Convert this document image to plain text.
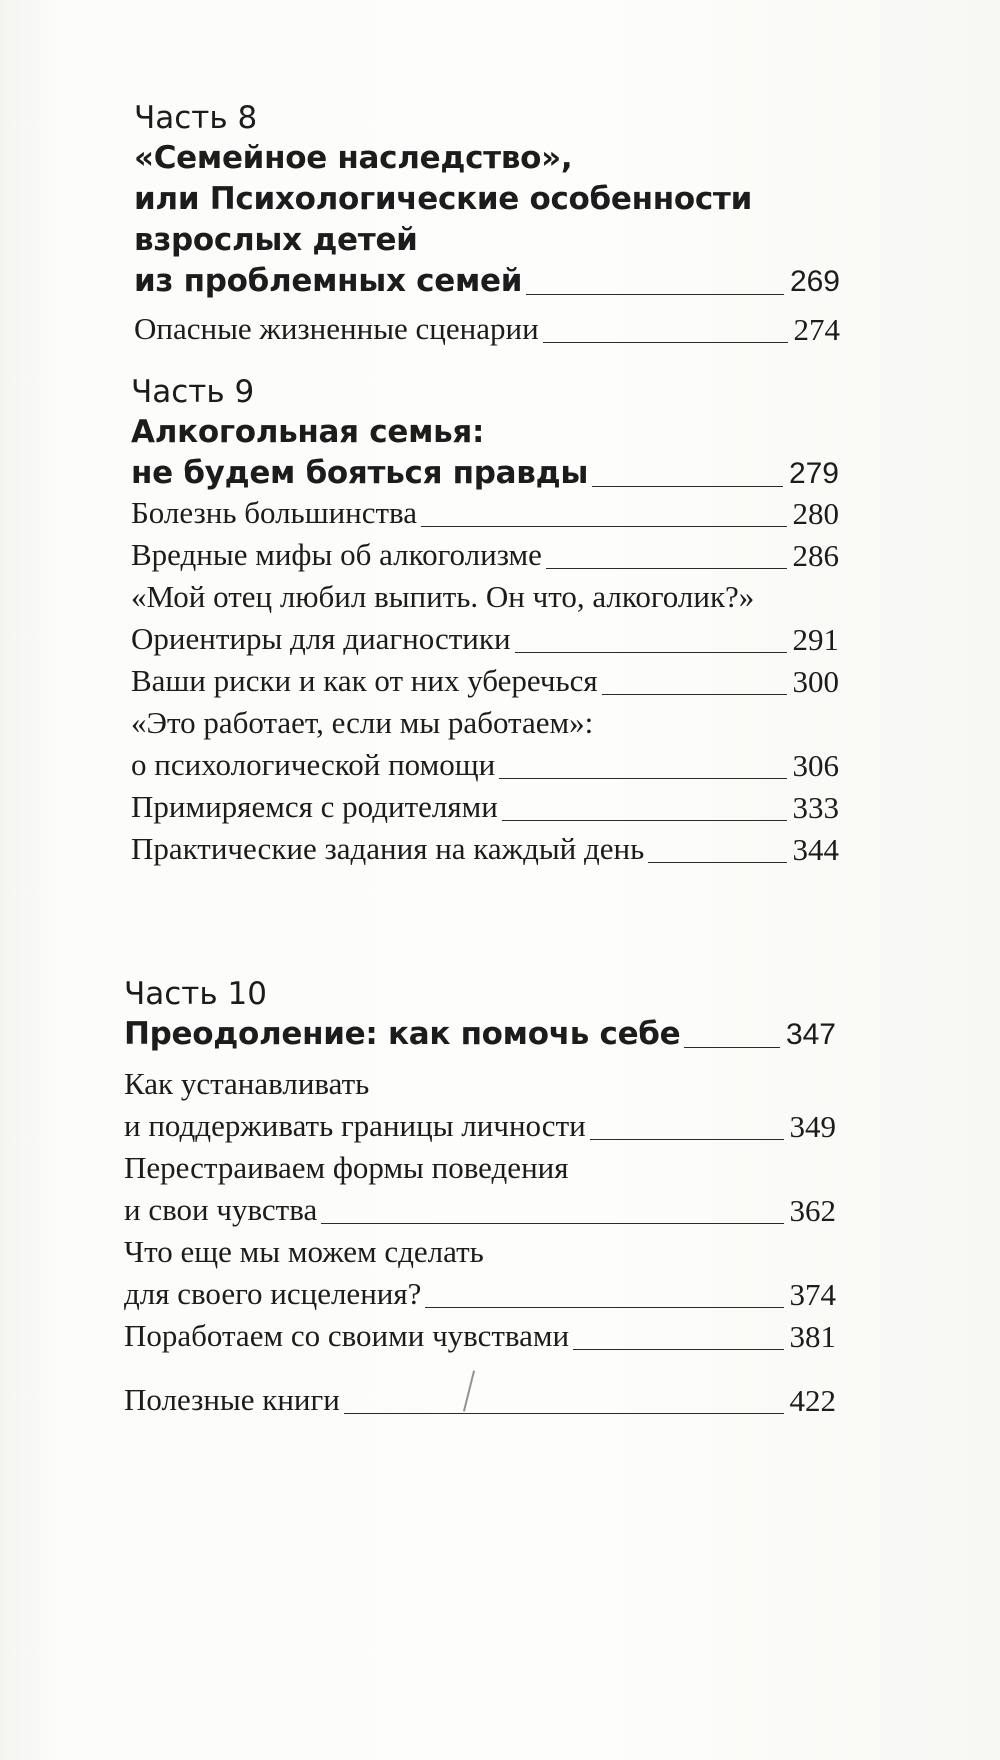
Часть 8

«Семейное наследство»,

или Психологические особенности

взрослых детей

из проблемных семей	269
Опасные жизненные сценарии	274

Часть 9

Алкогольная семья:

не будем бояться правды	279
Болезнь большинства	280
Вредные мифы об алкоголизме	286

«Мой отец любил выпить. Он что, алкоголик?»

Ориентиры для диагностики	291
Ваши риски и как от них уберечься	300

«Это работает, если мы работаем»:

о психологической помощи	306
Примиряемся с родителями	333
Практические задания на каждый день	344

Часть 10

Преодоление: как помочь себе	347

Как устанавливать

и поддерживать границы личности	349

Перестраиваем формы поведения

и свои чувства	362

Что еще мы можем сделать

для своего исцеления?	374
Поработаем со своими чувствами	381
Полезные книги	422
